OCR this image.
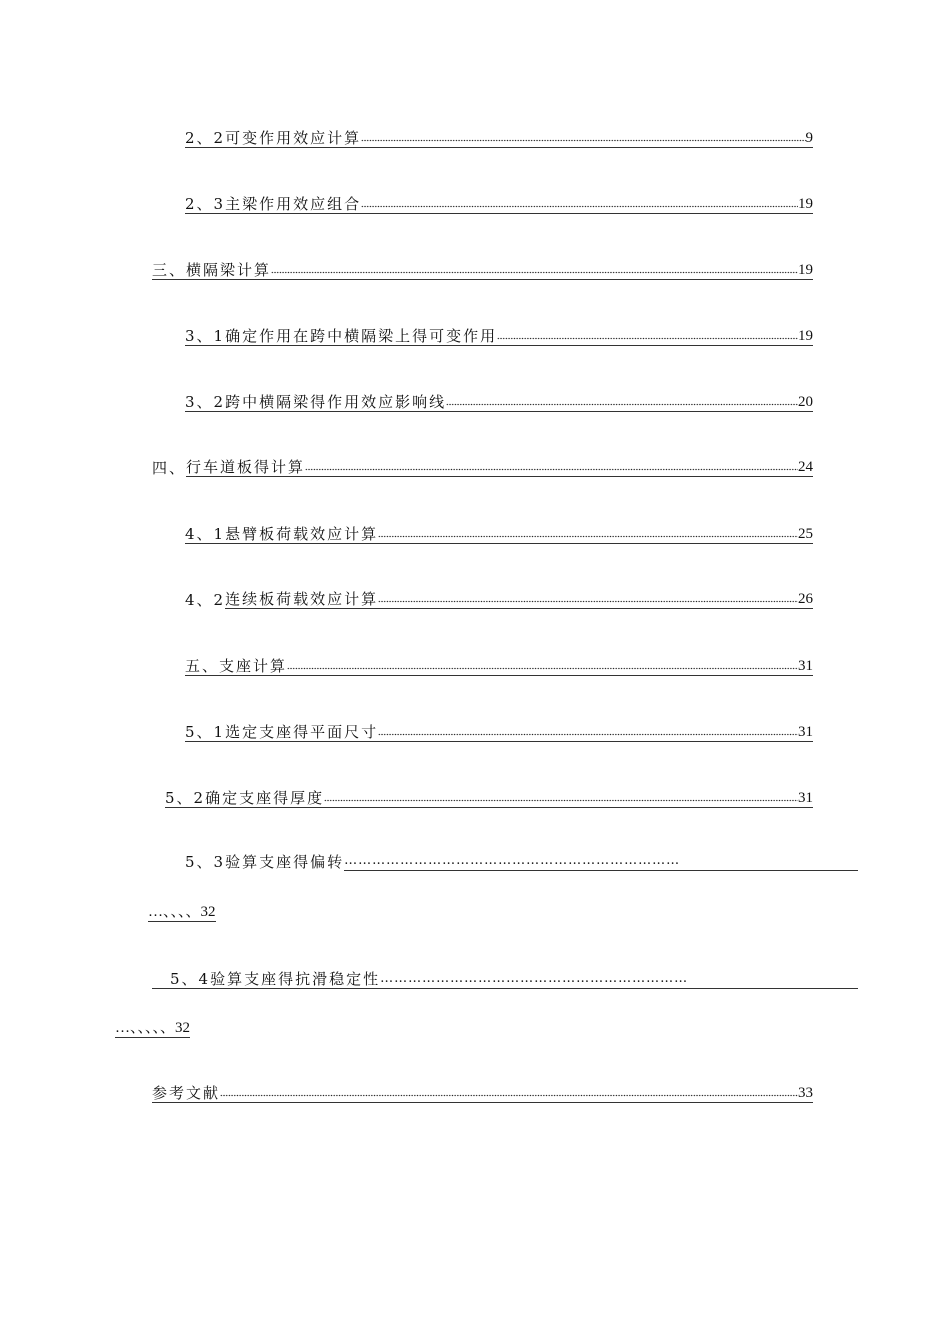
2、2可变作用效应计算	9
2、3主梁作用效应组合	19
三、横隔梁计算	19
3、1确定作用在跨中横隔梁上得可变作用	19
3、2跨中横隔梁得作用效应影响线	20
四、 行车道板得计算	24
4、1悬臂板荷载效应计算	25
4、2 连续板荷载效应计算	26
五、支座计算	31
5、1选定支座得平面尺寸	31
5、2确定支座得厚度	31
5、3验算支座得偏转 ………………………………………………………………
…、、、、32
5、4验算支座得抗滑稳定性 …………………………………………………………
…、、、、、32
参考文献	33
